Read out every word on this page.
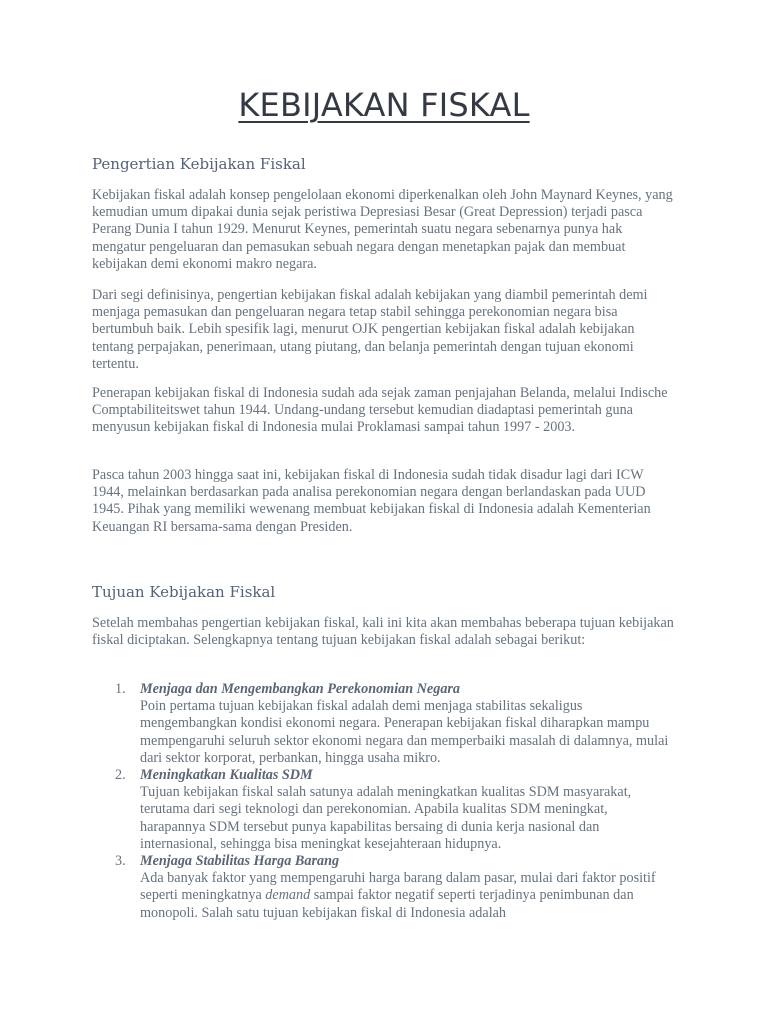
KEBIJAKAN FISKAL
Pengertian Kebijakan Fiskal

Kebijakan fiskal adalah konsep pengelolaan ekonomi diperkenalkan oleh John Maynard Keynes, yang kemudian umum dipakai dunia sejak peristiwa Depresiasi Besar (Great Depression) terjadi pasca Perang Dunia I tahun 1929. Menurut Keynes, pemerintah suatu negara sebenarnya punya hak mengatur pengeluaran dan pemasukan sebuah negara dengan menetapkan pajak dan membuat kebijakan demi ekonomi makro negara.

Dari segi definisinya, pengertian kebijakan fiskal adalah kebijakan yang diambil pemerintah demi menjaga pemasukan dan pengeluaran negara tetap stabil sehingga perekonomian negara bisa bertumbuh baik. Lebih spesifik lagi, menurut OJK pengertian kebijakan fiskal adalah kebijakan tentang perpajakan, penerimaan, utang piutang, dan belanja pemerintah dengan tujuan ekonomi tertentu.

Penerapan kebijakan fiskal di Indonesia sudah ada sejak zaman penjajahan Belanda, melalui Indische Comptabiliteitswet tahun 1944. Undang-undang tersebut kemudian diadaptasi pemerintah guna menyusun kebijakan fiskal di Indonesia mulai Proklamasi sampai tahun 1997 - 2003.

Pasca tahun 2003 hingga saat ini, kebijakan fiskal di Indonesia sudah tidak disadur lagi dari ICW 1944, melainkan berdasarkan pada analisa perekonomian negara dengan berlandaskan pada UUD 1945. Pihak yang memiliki wewenang membuat kebijakan fiskal di Indonesia adalah Kementerian Keuangan RI bersama-sama dengan Presiden.

Tujuan Kebijakan Fiskal

Setelah membahas pengertian kebijakan fiskal, kali ini kita akan membahas beberapa tujuan kebijakan fiskal diciptakan. Selengkapnya tentang tujuan kebijakan fiskal adalah sebagai berikut:

1. Menjaga dan Mengembangkan Perekonomian Negara
Poin pertama tujuan kebijakan fiskal adalah demi menjaga stabilitas sekaligus mengembangkan kondisi ekonomi negara. Penerapan kebijakan fiskal diharapkan mampu mempengaruhi seluruh sektor ekonomi negara dan memperbaiki masalah di dalamnya, mulai dari sektor korporat, perbankan, hingga usaha mikro.
2. Meningkatkan Kualitas SDM
Tujuan kebijakan fiskal salah satunya adalah meningkatkan kualitas SDM masyarakat, terutama dari segi teknologi dan perekonomian. Apabila kualitas SDM meningkat, harapannya SDM tersebut punya kapabilitas bersaing di dunia kerja nasional dan internasional, sehingga bisa meningkat kesejahteraan hidupnya.
3. Menjaga Stabilitas Harga Barang
Ada banyak faktor yang mempengaruhi harga barang dalam pasar, mulai dari faktor positif seperti meningkatnya demand sampai faktor negatif seperti terjadinya penimbunan dan monopoli. Salah satu tujuan kebijakan fiskal di Indonesia adalah
